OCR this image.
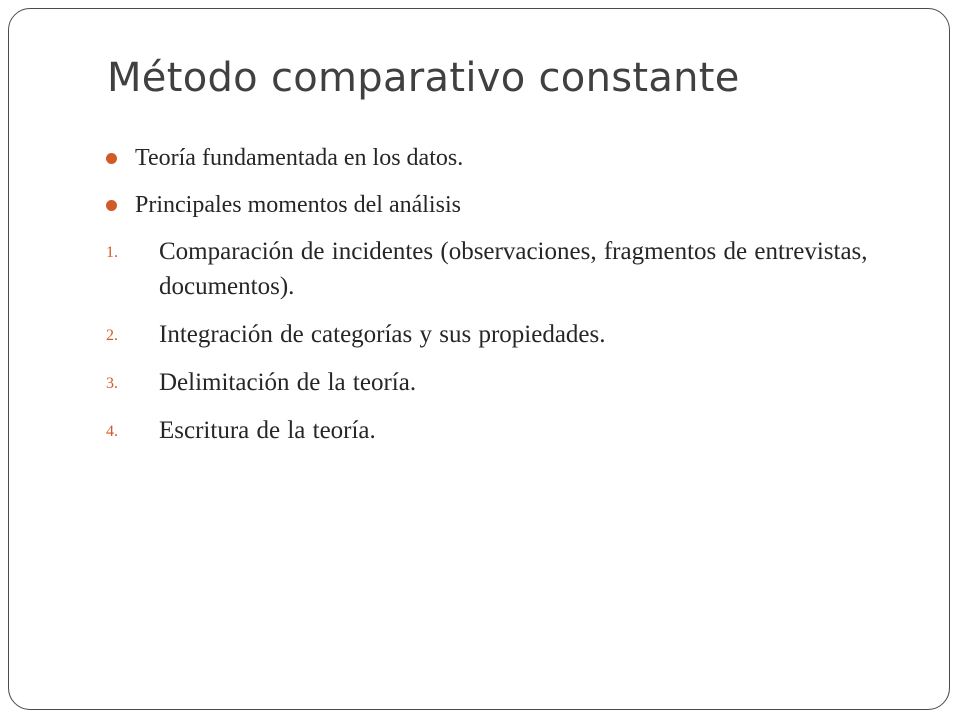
Método comparativo constante
Teoría fundamentada en los datos.
Principales momentos del análisis
1. Comparación de incidentes (observaciones, fragmentos de entrevistas, documentos).
2. Integración de categorías y sus propiedades.
3. Delimitación de la teoría.
4. Escritura de la teoría.
